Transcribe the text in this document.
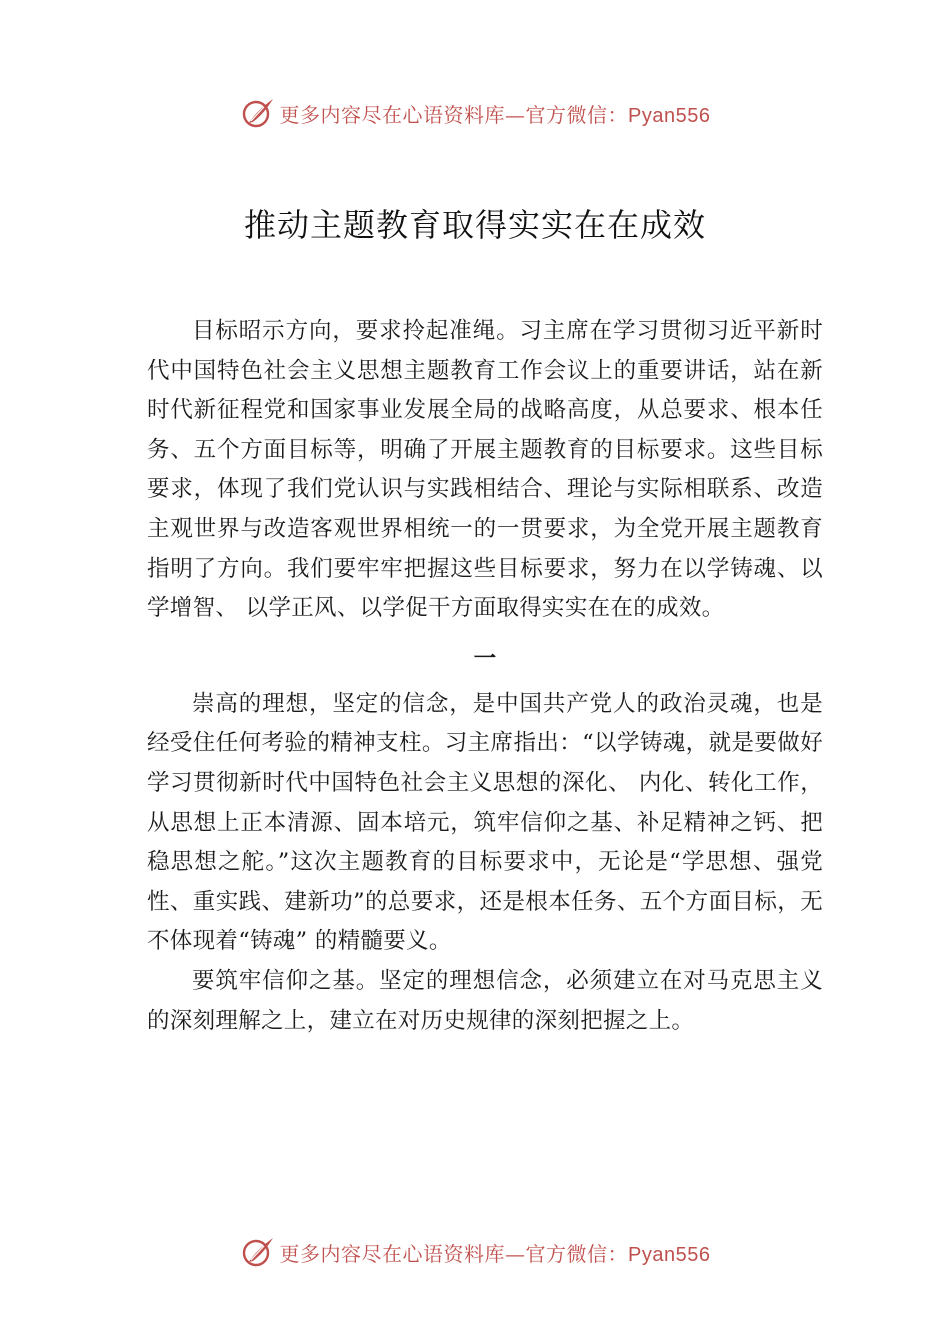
更多内容尽在心语资料库—官方微信：Pyan556
推动主题教育取得实实在在成效

目标昭示方向，要求拎起准绳。习主席在学习贯彻习近平新时代中国特色社会主义思想主题教育工作会议上的重要讲话，站在新时代新征程党和国家事业发展全局的战略高度，从总要求、根本任务、五个方面目标等，明确了开展主题教育的目标要求。这些目标要求，体现了我们党认识与实践相结合、理论与实际相联系、改造主观世界与改造客观世界相统一的一贯要求，为全党开展主题教育指明了方向。我们要牢牢把握这些目标要求，努力在以学铸魂、以学增智、 以学正风、以学促干方面取得实实在在的成效。

一

崇高的理想，坚定的信念，是中国共产党人的政治灵魂，也是经受住任何考验的精神支柱。习主席指出：“以学铸魂，就是要做好学习贯彻新时代中国特色社会主义思想的深化、 内化、转化工作，从思想上正本清源、固本培元，筑牢信仰之基、补足精神之钙、把稳思想之舵。”这次主题教育的目标要求中，无论是“学思想、强党性、重实践、建新功”的总要求，还是根本任务、五个方面目标，无不体现着“铸魂” 的精髓要义。

要筑牢信仰之基。坚定的理想信念，必须建立在对马克思主义的深刻理解之上，建立在对历史规律的深刻把握之上。

更多内容尽在心语资料库—官方微信：Pyan556
